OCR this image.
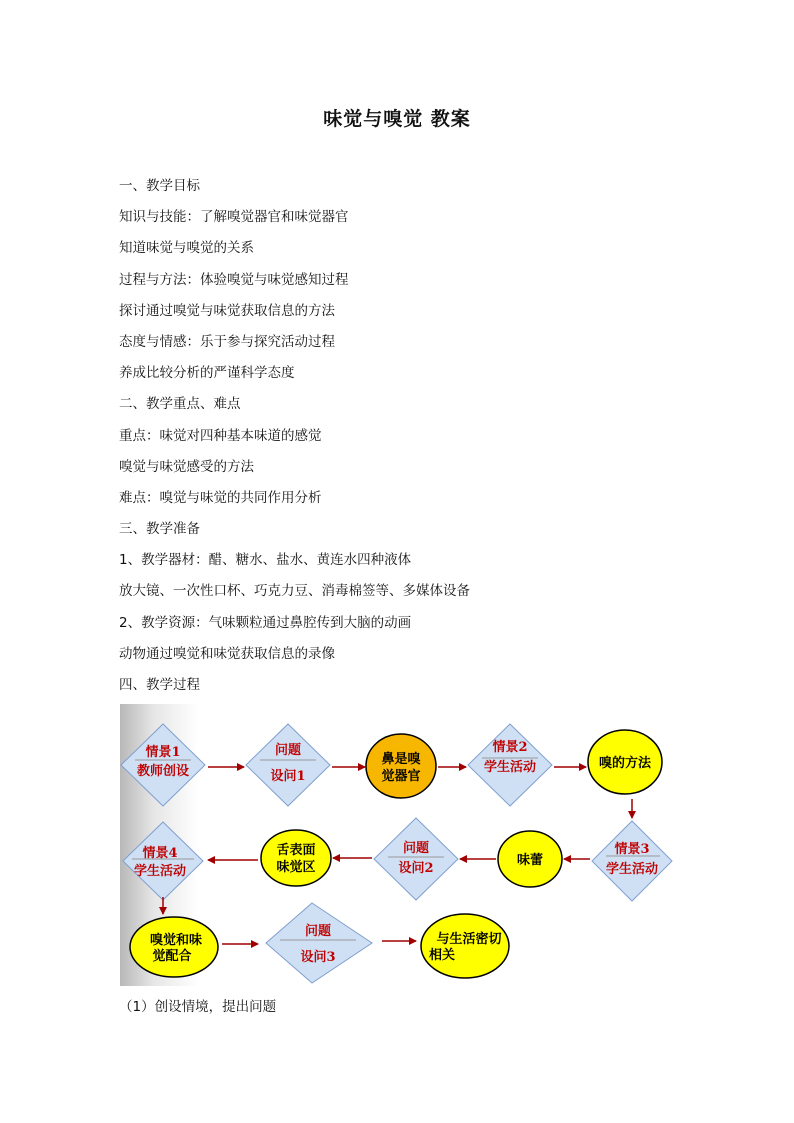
味觉与嗅觉 教案
一、教学目标
知识与技能：了解嗅觉器官和味觉器官
知道味觉与嗅觉的关系
过程与方法：体验嗅觉与味觉感知过程
探讨通过嗅觉与味觉获取信息的方法
态度与情感：乐于参与探究活动过程
养成比较分析的严谨科学态度
二、教学重点、难点
重点：味觉对四种基本味道的感觉
嗅觉与味觉感受的方法
难点：嗅觉与味觉的共同作用分析
三、教学准备
1、教学器材：醋、糖水、盐水、黄连水四种液体
放大镜、一次性口杯、巧克力豆、消毒棉签等、多媒体设备
2、教学资源：气味颗粒通过鼻腔传到大脑的动画
动物通过嗅觉和味觉获取信息的录像
四、教学过程
情景1
教师创设
问题
设问1
鼻是嗅
觉器官
情景2
学生活动	嗅的方法
情景3
学生活动
味蕾
问题
设问2
舌表面
味觉区
情景4
学生活动
嗅觉和味
觉配合
问题
设问3
与生活密切
相关
（1）创设情境，提出问题
